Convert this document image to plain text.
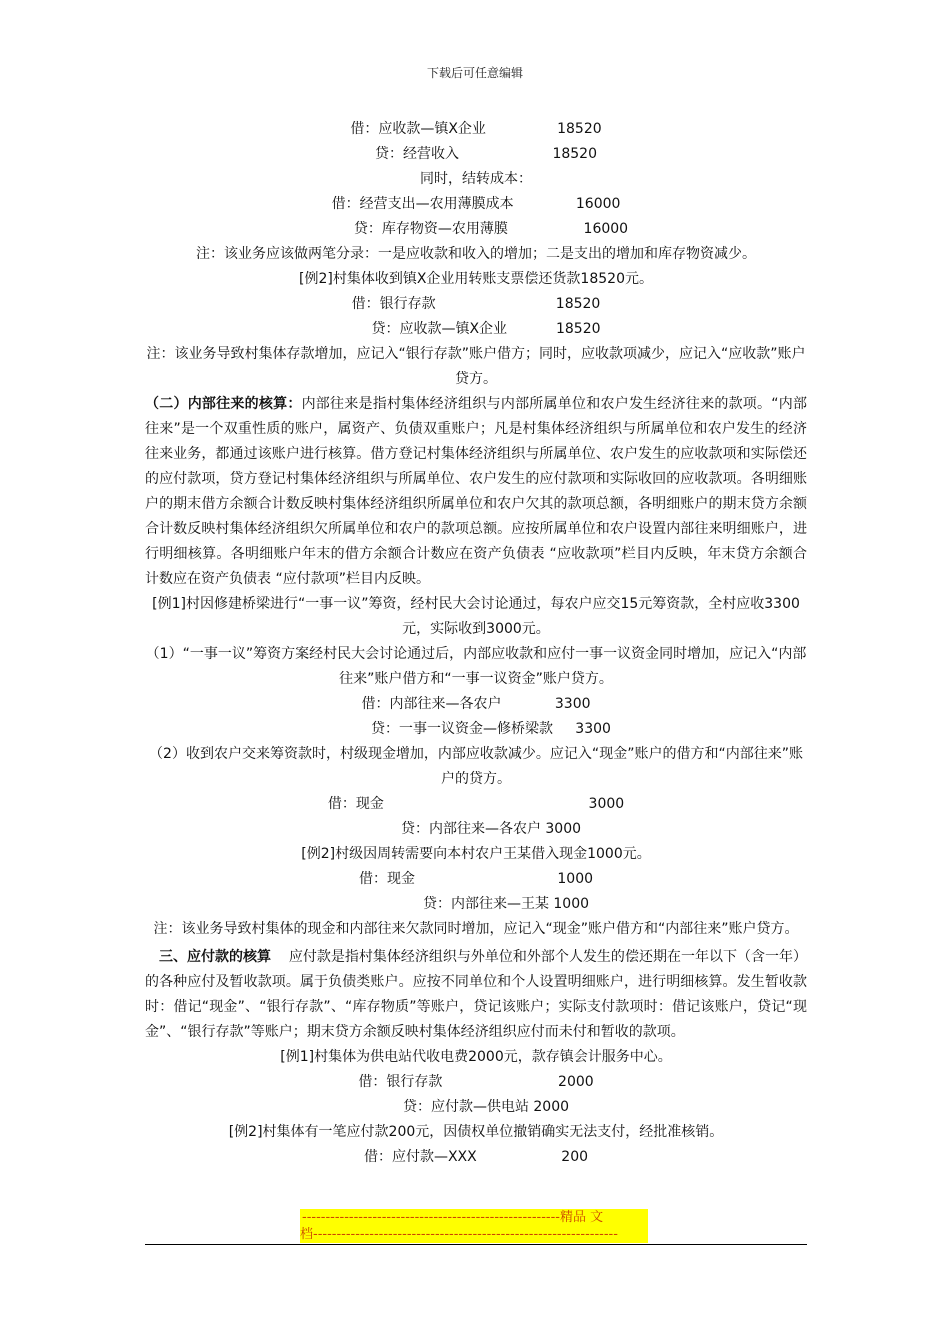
下载后可任意编辑
借：应收款—镇X企业                18520
贷：经营收入                     18520
同时，结转成本：
借：经营支出—农用薄膜成本              16000
贷：库存物资—农用薄膜                 16000
注：该业务应该做两笔分录：一是应收款和收入的增加；二是支出的增加和库存物资减少。
[例2]村集体收到镇X企业用转账支票偿还货款18520元。
借：银行存款                           18520
贷：应收款—镇X企业           18520
注：该业务导致村集体存款增加，应记入“银行存款”账户借方；同时，应收款项减少，应记入“应收款”账户贷方。
（二）内部往来的核算：内部往来是指村集体经济组织与内部所属单位和农户发生经济往来的款项。“内部往来”是一个双重性质的账户，属资产、负债双重账户；凡是村集体经济组织与所属单位和农户发生的经济往来业务，都通过该账户进行核算。借方登记村集体经济组织与所属单位、农户发生的应收款项和实际偿还的应付款项，贷方登记村集体经济组织与所属单位、农户发生的应付款项和实际收回的应收款项。各明细账户的期末借方余额合计数反映村集体经济组织所属单位和农户欠其的款项总额，各明细账户的期末贷方余额合计数反映村集体经济组织欠所属单位和农户的款项总额。应按所属单位和农户设置内部往来明细账户，进行明细核算。各明细账户年末的借方余额合计数应在资产负债表 “应收款项”栏目内反映，年末贷方余额合计数应在资产负债表 “应付款项”栏目内反映。
[例1]村因修建桥梁进行“一事一议”筹资，经村民大会讨论通过，每农户应交15元筹资款，全村应收3300元，实际收到3000元。
（1）“一事一议”筹资方案经村民大会讨论通过后，内部应收款和应付一事一议资金同时增加，应记入“内部往来”账户借方和“一事一议资金”账户贷方。
借：内部往来—各农户            3300
贷：一事一议资金—修桥梁款     3300
（2）收到农户交来筹资款时，村级现金增加，内部应收款减少。应记入“现金”账户的借方和“内部往来”账户的贷方。
借：现金                                              3000
贷：内部往来—各农户 3000
[例2]村级因周转需要向本村农户王某借入现金1000元。
借：现金                                1000
贷：内部往来—王某 1000
注：该业务导致村集体的现金和内部往来欠款同时增加，应记入“现金”账户借方和“内部往来”账户贷方。
三、应付款的核算    应付款是指村集体经济组织与外单位和外部个人发生的偿还期在一年以下（含一年）的各种应付及暂收款项。属于负债类账户。应按不同单位和个人设置明细账户，进行明细核算。发生暂收款时：借记“现金”、“银行存款”、“库存物质”等账户，贷记该账户；实际支付款项时：借记该账户，贷记“现金”、“银行存款”等账户；期末贷方余额反映村集体经济组织应付而未付和暂收的款项。
[例1]村集体为供电站代收电费2000元，款存镇会计服务中心。
借：银行存款                          2000
贷：应付款—供电站 2000
[例2]村集体有一笔应付款200元，因债权单位撤销确实无法支付，经批准核销。
借：应付款—XXX                   200
-------------------------------------------------------精品 文
档-----------------------------------------------------------------
